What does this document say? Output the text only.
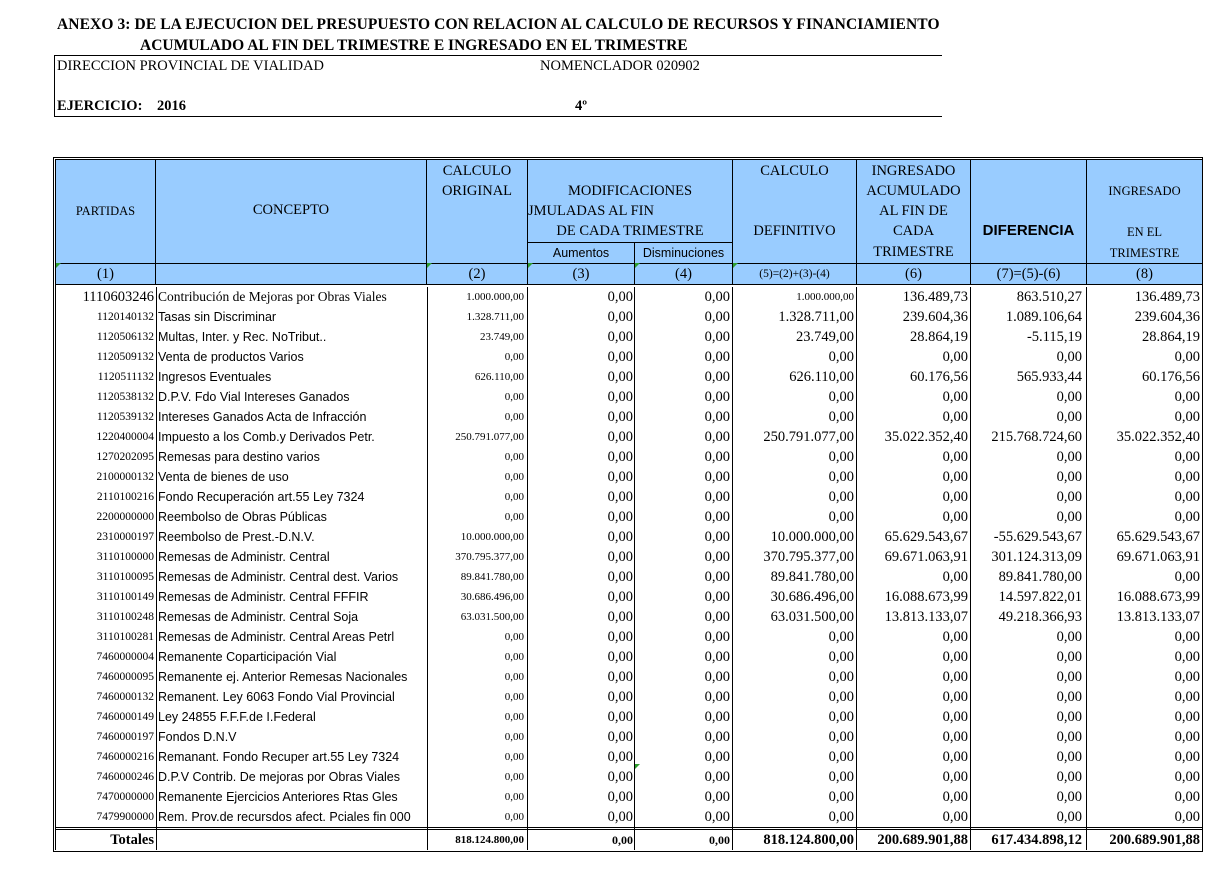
ANEXO 3: DE LA EJECUCION DEL PRESUPUESTO CON RELACION AL CALCULO DE RECURSOS Y FINANCIAMIENTO
ACUMULADO AL FIN DEL TRIMESTRE E INGRESADO EN EL TRIMESTRE
DIRECCION PROVINCIAL DE VIALIDAD	NOMENCLADOR 020902
EJERCICIO: 2016	4º
PARTIDAS	CONCEPTO
CALCULO
ORIGINAL	MODIFICACIONES
JMULADAS AL FIN
DE CADA TRIMESTRE
Aumentos	Disminuciones
CALCULO
DEFINITIVO
INGRESADO
ACUMULADO
AL FIN DE
CADA
TRIMESTRE
DIFERENCIA
INGRESADO
EN EL
TRIMESTRE
(1)	(2)	(3)	(4)	(5)=(2)+(3)-(4)	(6)	(7)=(5)-(6)	(8)
1110603246 Contribución de Mejoras por Obras Viales	1.000.000,00	0,00	0,00	1.000.000,00	136.489,73	863.510,27	136.489,73
1120140132 Tasas sin Discriminar	1.328.711,00	0,00	0,00	1.328.711,00	239.604,36	1.089.106,64	239.604,36
1120506132 Multas, Inter. y Rec. NoTribut..	23.749,00	0,00	0,00	23.749,00	28.864,19	-5.115,19	28.864,19
1120509132 Venta de productos Varios	0,00	0,00	0,00	0,00	0,00	0,00	0,00
1120511132 Ingresos Eventuales	626.110,00	0,00	0,00	626.110,00	60.176,56	565.933,44	60.176,56
1120538132 D.P.V. Fdo Vial Intereses Ganados	0,00	0,00	0,00	0,00	0,00	0,00	0,00
1120539132 Intereses Ganados Acta de Infracción	0,00	0,00	0,00	0,00	0,00	0,00	0,00
1220400004 Impuesto a los Comb.y Derivados Petr.	250.791.077,00	0,00	0,00	250.791.077,00	35.022.352,40	215.768.724,60	35.022.352,40
1270202095 Remesas para destino varios	0,00	0,00	0,00	0,00	0,00	0,00	0,00
2100000132 Venta de bienes de uso	0,00	0,00	0,00	0,00	0,00	0,00	0,00
2110100216 Fondo Recuperación art.55 Ley 7324	0,00	0,00	0,00	0,00	0,00	0,00	0,00
2200000000 Reembolso de Obras Públicas	0,00	0,00	0,00	0,00	0,00	0,00	0,00
2310000197 Reembolso de Prest.-D.N.V.	10.000.000,00	0,00	0,00	10.000.000,00	65.629.543,67	-55.629.543,67	65.629.543,67
3110100000 Remesas de Administr. Central	370.795.377,00	0,00	0,00	370.795.377,00	69.671.063,91	301.124.313,09	69.671.063,91
3110100095 Remesas de Administr. Central dest. Varios	89.841.780,00	0,00	0,00	89.841.780,00	0,00	89.841.780,00	0,00
3110100149 Remesas de Administr. Central FFFIR	30.686.496,00	0,00	0,00	30.686.496,00	16.088.673,99	14.597.822,01	16.088.673,99
3110100248 Remesas de Administr. Central Soja	63.031.500,00	0,00	0,00	63.031.500,00	13.813.133,07	49.218.366,93	13.813.133,07
3110100281 Remesas de Administr. Central Areas Petrl	0,00	0,00	0,00	0,00	0,00	0,00	0,00
7460000004 Remanente Coparticipación Vial	0,00	0,00	0,00	0,00	0,00	0,00	0,00
7460000095 Remanente ej. Anterior Remesas Nacionales	0,00	0,00	0,00	0,00	0,00	0,00	0,00
7460000132 Remanent. Ley 6063 Fondo Vial Provincial	0,00	0,00	0,00	0,00	0,00	0,00	0,00
7460000149 Ley 24855 F.F.F.de I.Federal	0,00	0,00	0,00	0,00	0,00	0,00	0,00
7460000197 Fondos D.N.V	0,00	0,00	0,00	0,00	0,00	0,00	0,00
7460000216 Remanant. Fondo Recuper art.55 Ley 7324	0,00	0,00	0,00	0,00	0,00	0,00	0,00
7460000246 D.P.V Contrib. De mejoras por Obras Viales	0,00	0,00	0,00	0,00	0,00	0,00	0,00
7470000000 Remanente Ejercicios Anteriores Rtas Gles	0,00	0,00	0,00	0,00	0,00	0,00	0,00
7479900000 Rem. Prov.de recursdos afect. Pciales fin 000	0,00	0,00	0,00	0,00	0,00	0,00	0,00
Totales	818.124.800,00	0,00	0,00	818.124.800,00	200.689.901,88	617.434.898,12	200.689.901,88
